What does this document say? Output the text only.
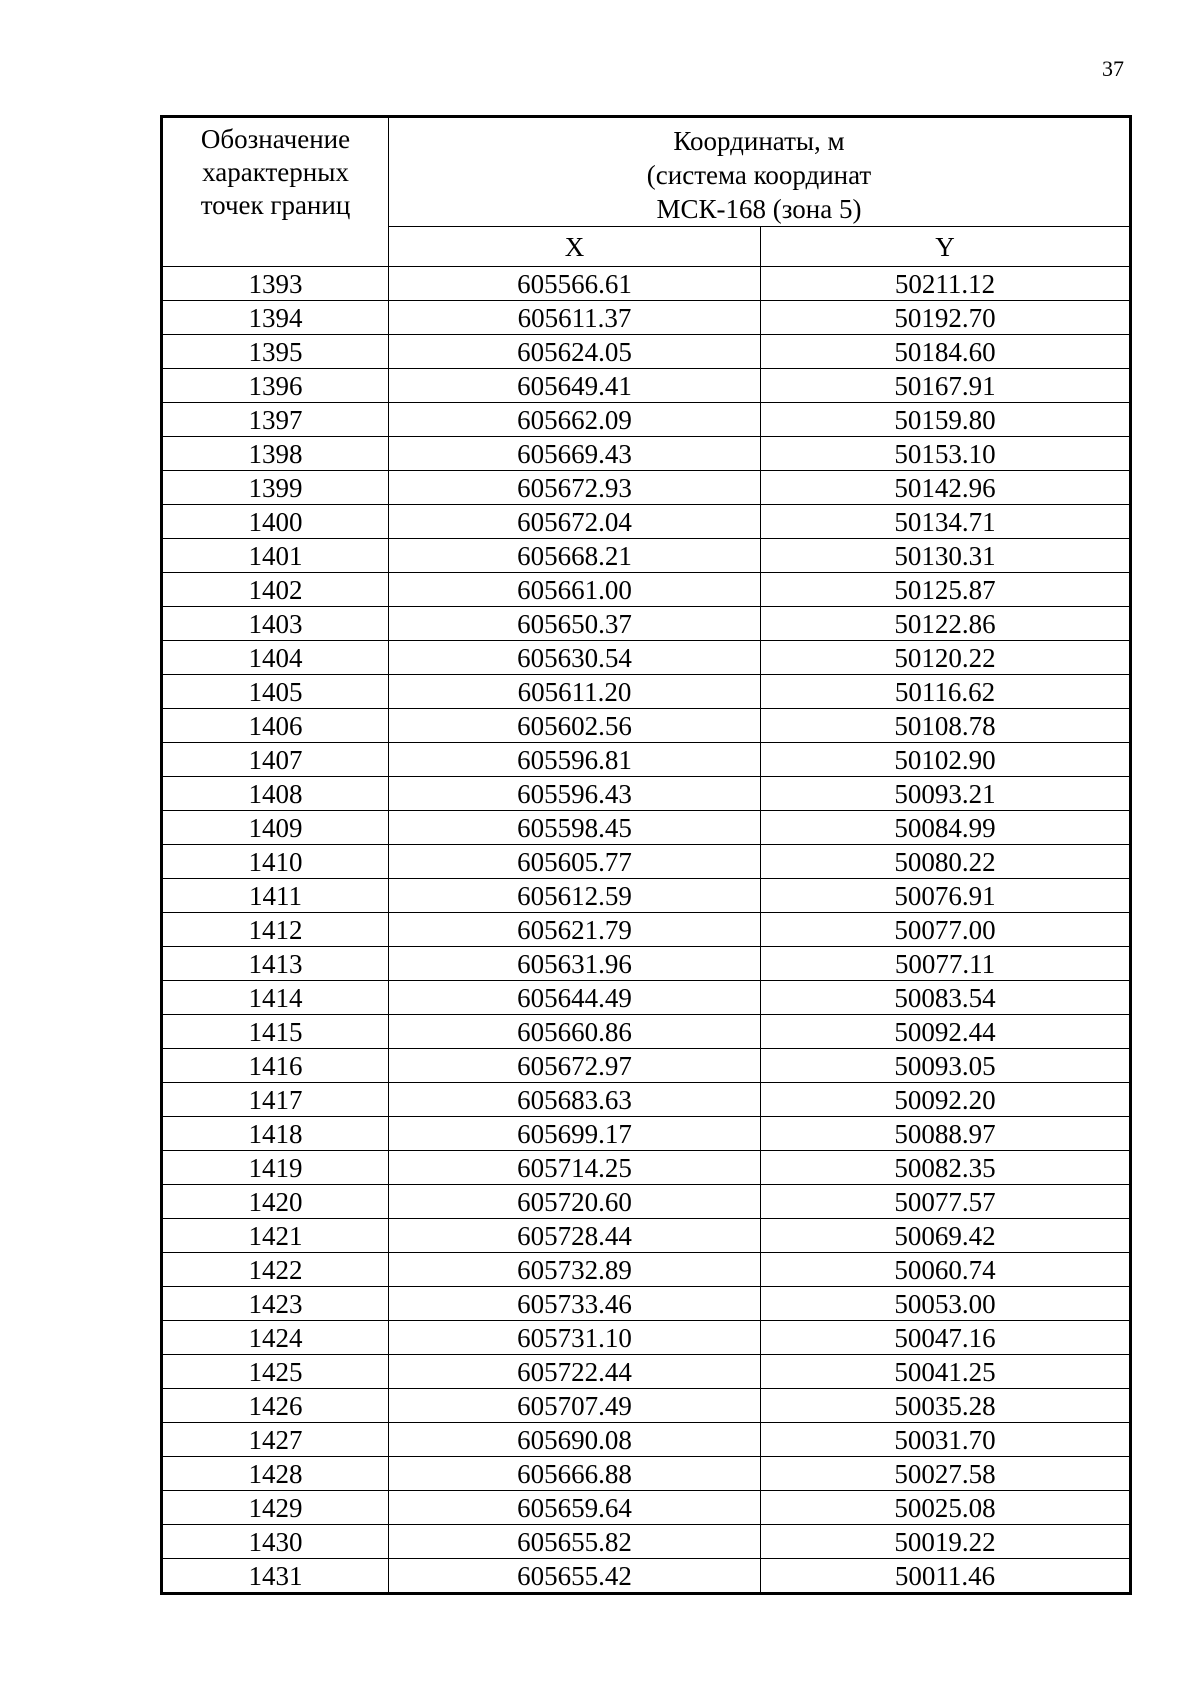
37
Обозначение
характерных
точек границ	Координаты, м
(система координат
МСК-168 (зона 5)	

	X	Y
1393	605566.61	50211.12
1394	605611.37	50192.70
1395	605624.05	50184.60
1396	605649.41	50167.91
1397	605662.09	50159.80
1398	605669.43	50153.10
1399	605672.93	50142.96
1400	605672.04	50134.71
1401	605668.21	50130.31
1402	605661.00	50125.87
1403	605650.37	50122.86
1404	605630.54	50120.22
1405	605611.20	50116.62
1406	605602.56	50108.78
1407	605596.81	50102.90
1408	605596.43	50093.21
1409	605598.45	50084.99
1410	605605.77	50080.22
1411	605612.59	50076.91
1412	605621.79	50077.00
1413	605631.96	50077.11
1414	605644.49	50083.54
1415	605660.86	50092.44
1416	605672.97	50093.05
1417	605683.63	50092.20
1418	605699.17	50088.97
1419	605714.25	50082.35
1420	605720.60	50077.57
1421	605728.44	50069.42
1422	605732.89	50060.74
1423	605733.46	50053.00
1424	605731.10	50047.16
1425	605722.44	50041.25
1426	605707.49	50035.28
1427	605690.08	50031.70
1428	605666.88	50027.58
1429	605659.64	50025.08
1430	605655.82	50019.22
1431	605655.42	50011.46
